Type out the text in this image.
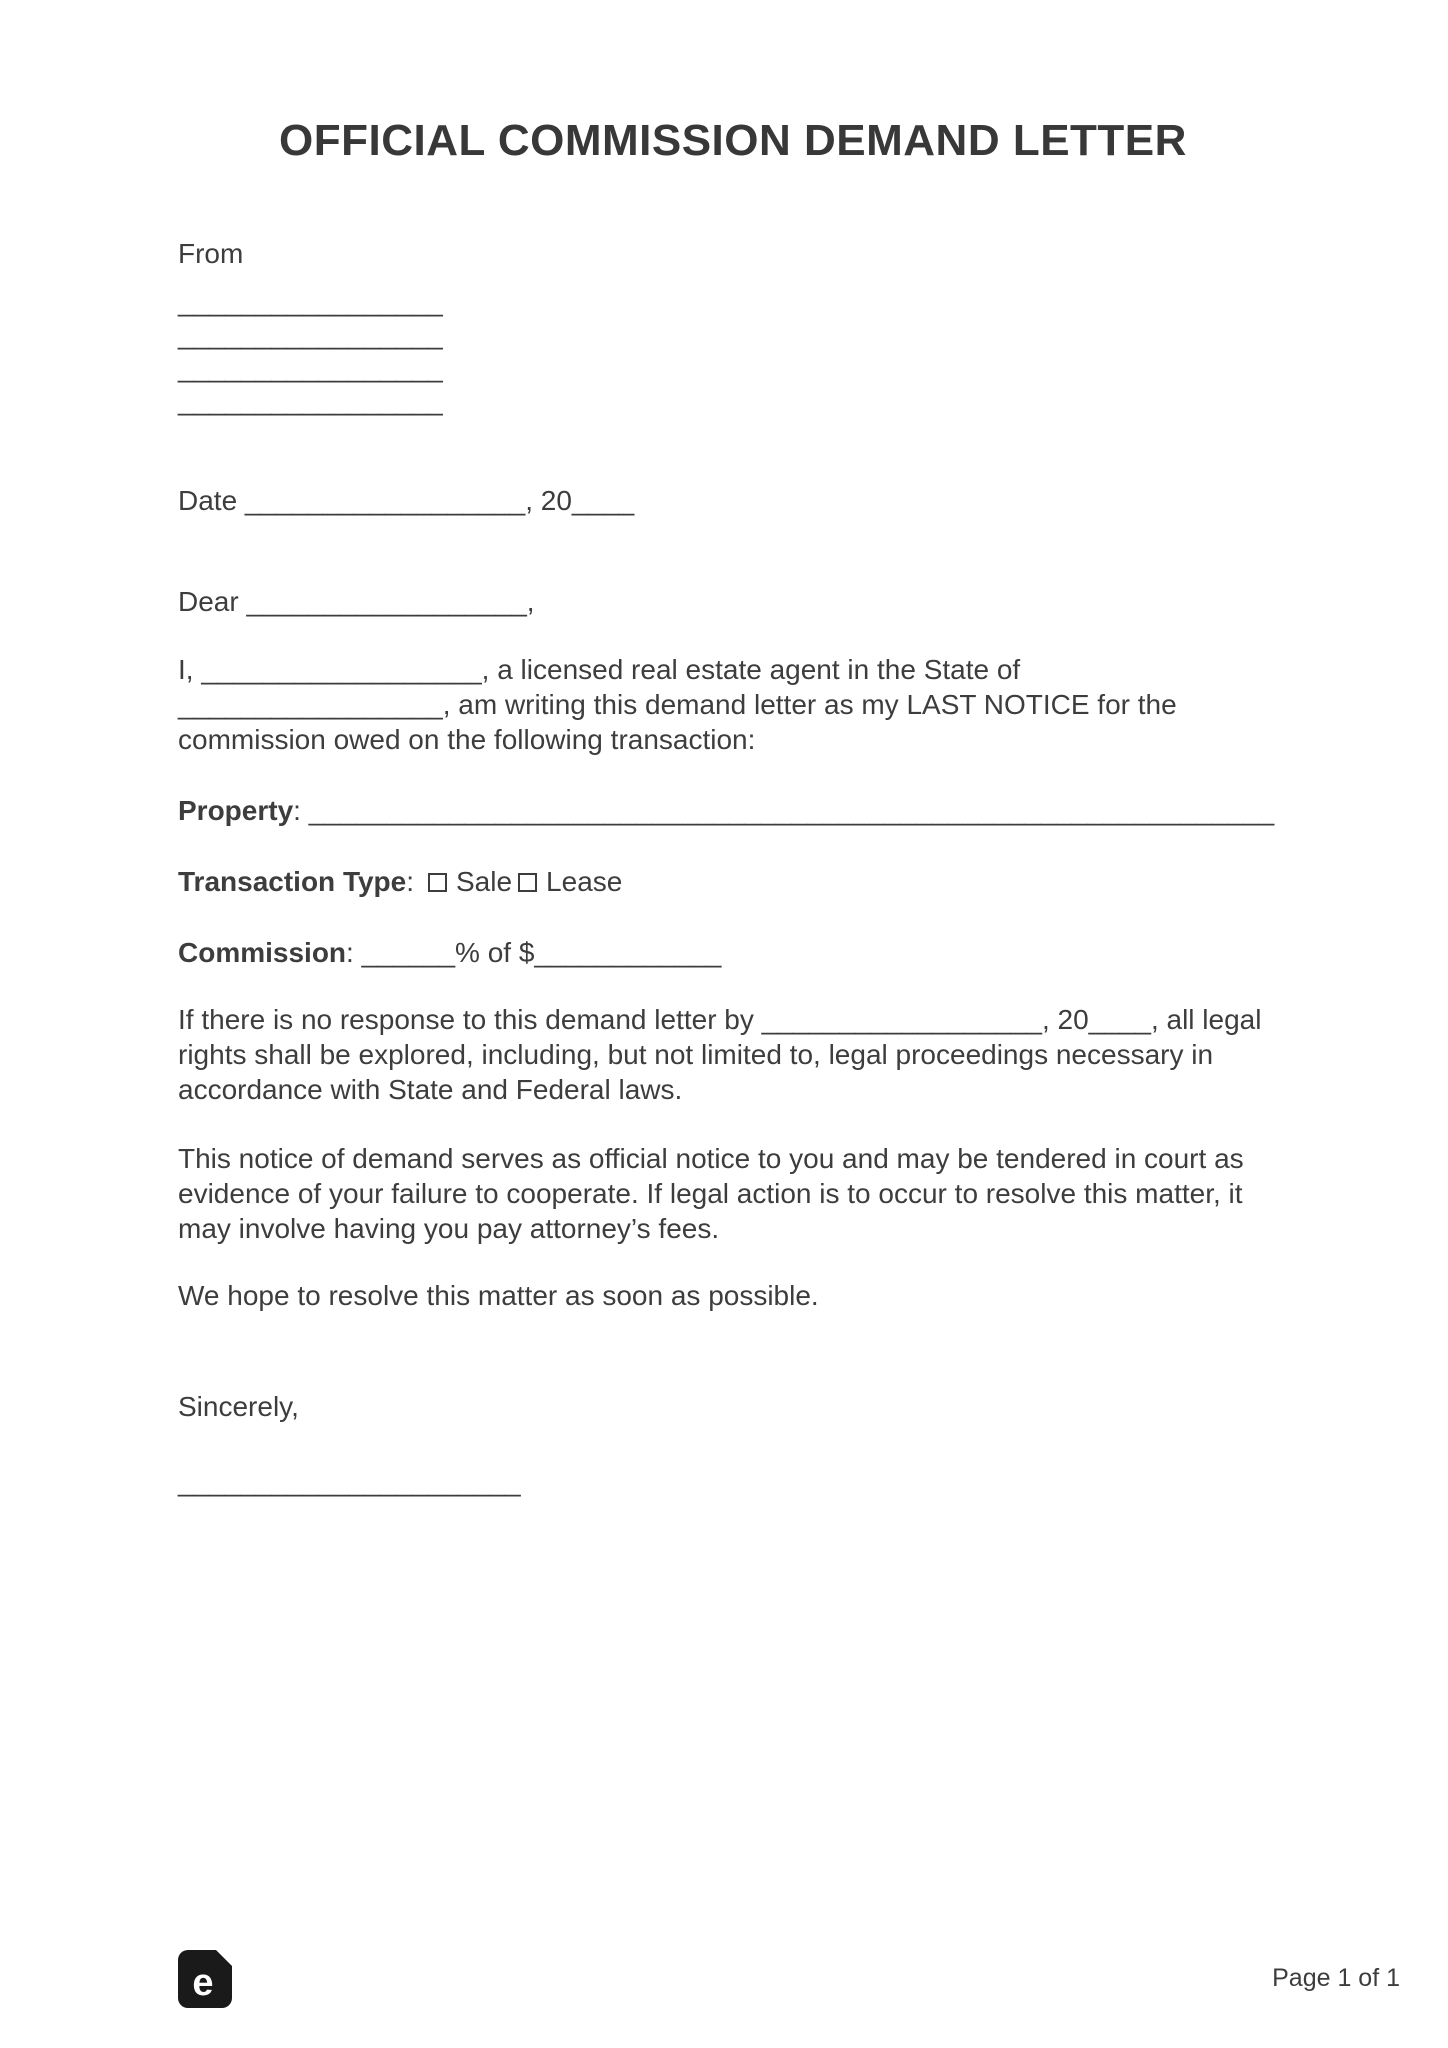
OFFICIAL COMMISSION DEMAND LETTER

From

_________________
_________________
_________________
_________________

Date __________________, 20____

Dear __________________,

I, __________________, a licensed real estate agent in the State of _________________, am writing this demand letter as my LAST NOTICE for the commission owed on the following transaction:

Property: ______________________________________________________________

Transaction Type: Sale Lease

Commission: ______% of $____________

If there is no response to this demand letter by __________________, 20____, all legal rights shall be explored, including, but not limited to, legal proceedings necessary in accordance with State and Federal laws.

This notice of demand serves as official notice to you and may be tendered in court as evidence of your failure to cooperate. If legal action is to occur to resolve this matter, it may involve having you pay attorney’s fees.

We hope to resolve this matter as soon as possible.

Sincerely,

______________________

e	Page 1 of 1
